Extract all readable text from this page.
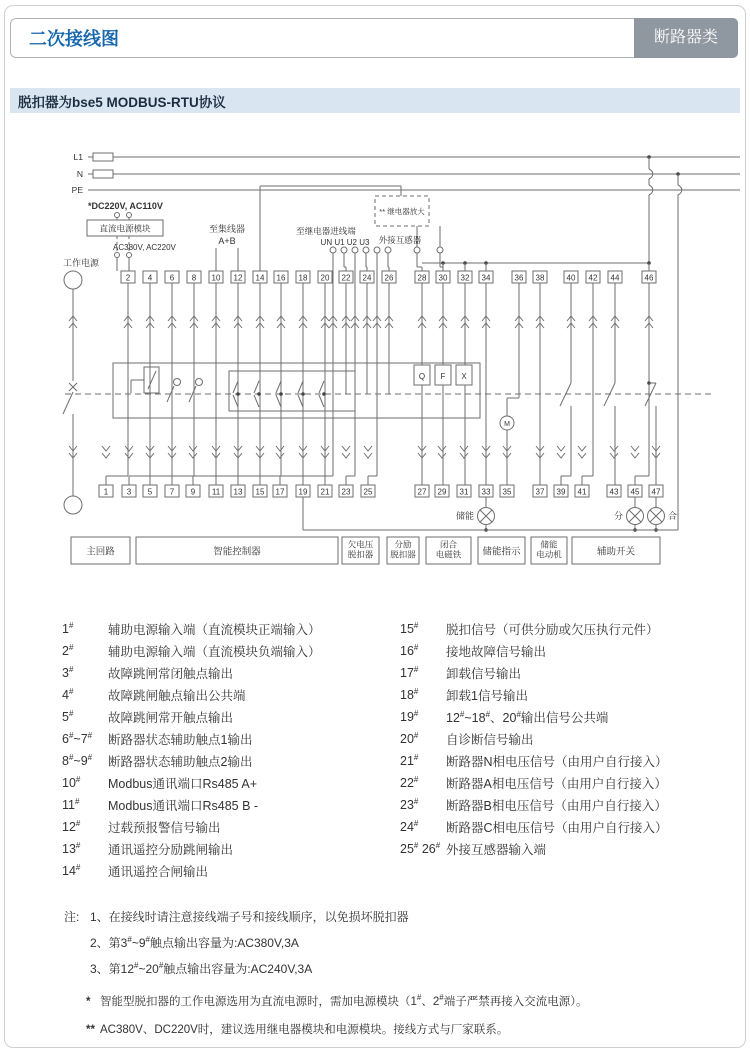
二次接线图	断路器类
脱扣器为bse5 MODBUS-RTU协议
L1
N
PE
*DC220V, AC110V
直流电源模块
AC380V, AC220V
工作电源
至集线器
A+B
至继电器进线端
UN U1 U2 U3 外接互感器
** 继电器放大
Q F X
M
2 4 6 8 10 12 14 16 18 20 22 24 26	28 30 32 34	36 38	40 42 44	46
1 3 5 7 9 11 13 15 17 19 21 23 25	27 29 31 33 35	37 39 41	43 45 47
储能	分	合
主回路	智能控制器
欠电压脱扣器
分励脱扣器
闭合电磁铁 储能指示
储能电动机	辅助开关
1#	辅助电源输入端（直流模块正端输入）
2#	辅助电源输入端（直流模块负端输入）
3#	故障跳闸常闭触点输出
4#	故障跳闸触点输出公共端
5#	故障跳闸常开触点输出
6#~7#	断路器状态辅助触点1输出
8#~9#	断路器状态辅助触点2输出
10#	Modbus通讯端口Rs485 A+
11#	Modbus通讯端口Rs485 B -
12#	过载预报警信号输出
13#	通讯遥控分励跳闸输出
14#	通讯遥控合闸输出
15#	脱扣信号（可供分励或欠压执行元件）
16#	接地故障信号输出
17#	卸载信号输出
18#	卸载1信号输出
19#	12#~18#、20#输出信号公共端
20#	自诊断信号输出
21#	断路器N相电压信号（由用户自行接入）
22#	断路器A相电压信号（由用户自行接入）
23#	断路器B相电压信号（由用户自行接入）
24#	断路器C相电压信号（由用户自行接入）
25# 26# 外接互感器输入端
注: 1、在接线时请注意接线端子号和接线顺序，以免损坏脱扣器
2、第3#~9#触点输出容量为:AC380V,3A
3、第12#~20#触点输出容量为:AC240V,3A
* 智能型脱扣器的工作电源选用为直流电源时，需加电源模块（1#、2#端子严禁再接入交流电源）。
** AC380V、DC220V时，建议选用继电器模块和电源模块。接线方式与厂家联系。
